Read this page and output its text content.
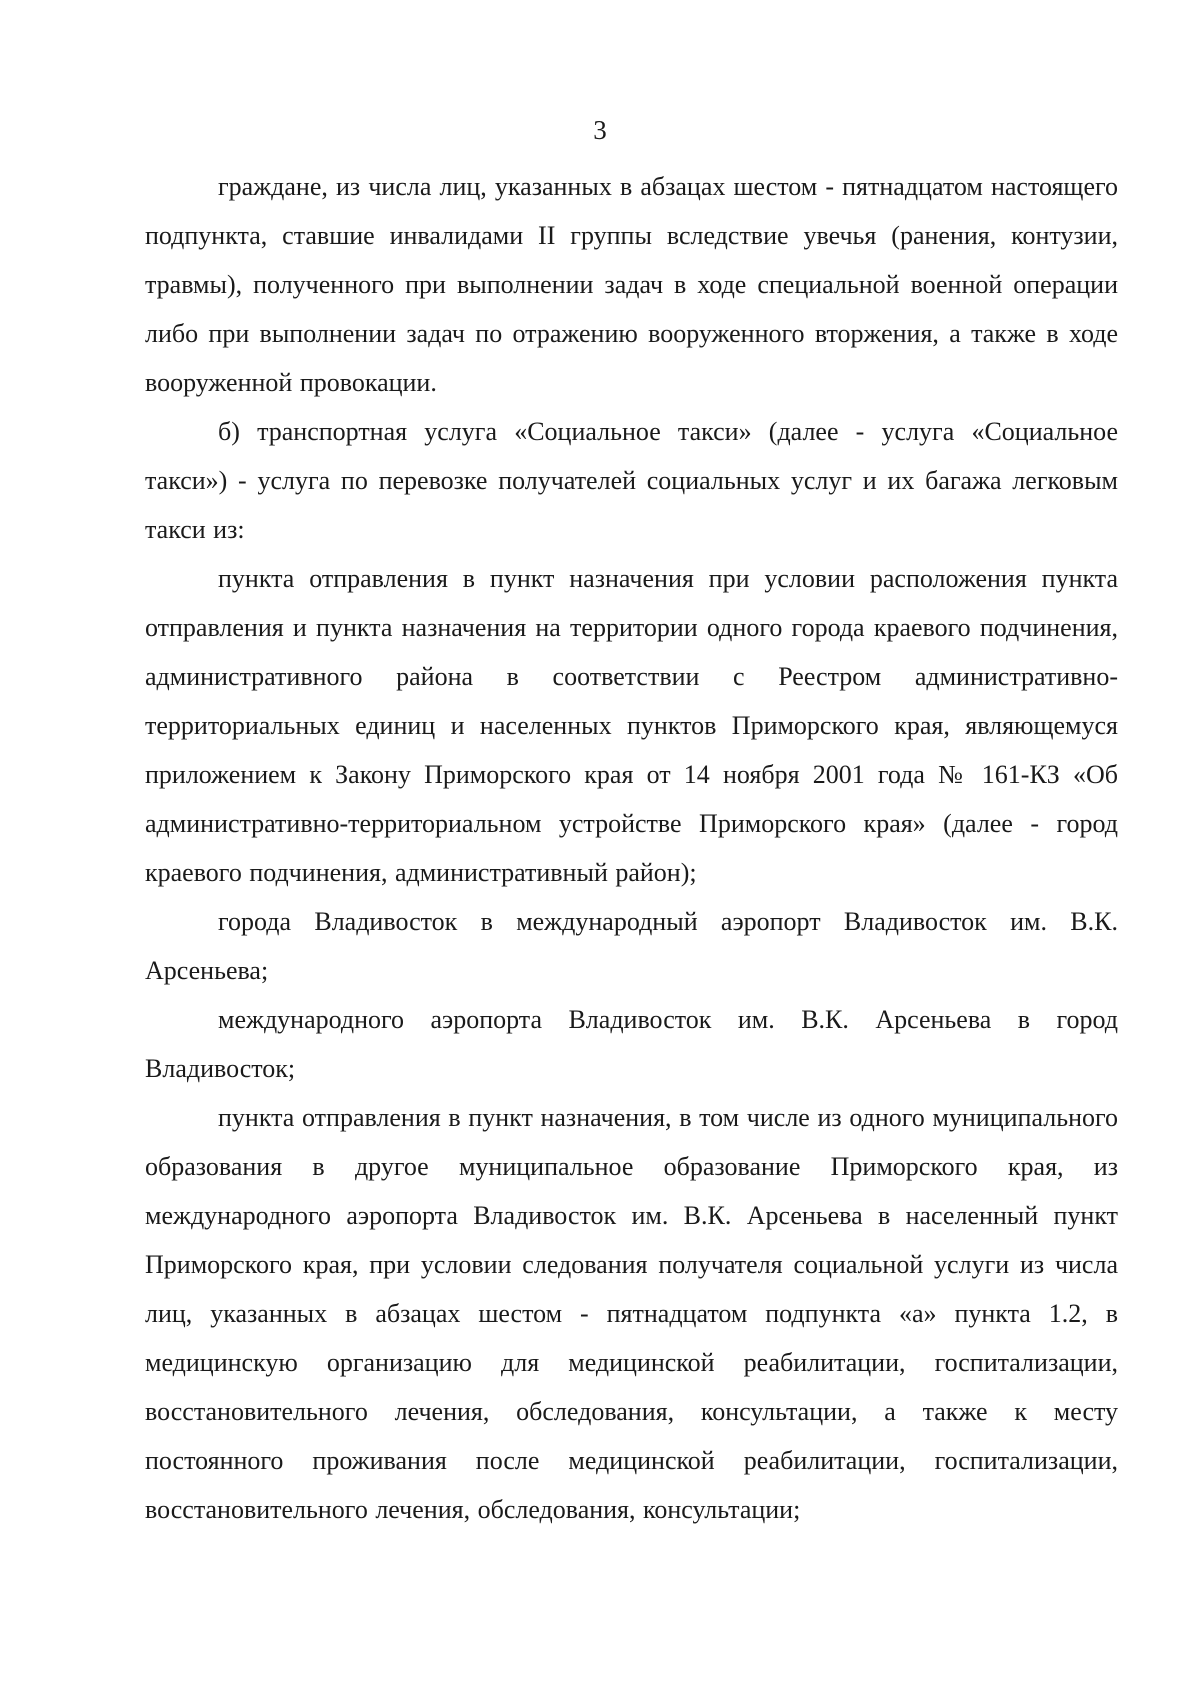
3

граждане, из числа лиц, указанных в абзацах шестом - пятнадцатом настоящего подпункта, ставшие инвалидами II группы вследствие увечья (ранения, контузии, травмы), полученного при выполнении задач в ходе специальной военной операции либо при выполнении задач по отражению вооруженного вторжения, а также в ходе вооруженной провокации.

б) транспортная услуга «Социальное такси» (далее - услуга «Социальное такси») - услуга по перевозке получателей социальных услуг и их багажа легковым такси из:

пункта отправления в пункт назначения при условии расположения пункта отправления и пункта назначения на территории одного города краевого подчинения, административного района в соответствии с Реестром административно-территориальных единиц и населенных пунктов Приморского края, являющемуся приложением к Закону Приморского края от 14 ноября 2001 года № 161-КЗ «Об административно-территориальном устройстве Приморского края» (далее - город краевого подчинения, административный район);

города Владивосток в международный аэропорт Владивосток им. В.К. Арсеньева;

международного аэропорта Владивосток им. В.К. Арсеньева в город Владивосток;

пункта отправления в пункт назначения, в том числе из одного муниципального образования в другое муниципальное образование Приморского края, из международного аэропорта Владивосток им. В.К. Арсеньева в населенный пункт Приморского края, при условии следования получателя социальной услуги из числа лиц, указанных в абзацах шестом - пятнадцатом подпункта «а» пункта 1.2, в медицинскую организацию для медицинской реабилитации, госпитализации, восстановительного лечения, обследования, консультации, а также к месту постоянного проживания после медицинской реабилитации, госпитализации, восстановительного лечения, обследования, консультации;
